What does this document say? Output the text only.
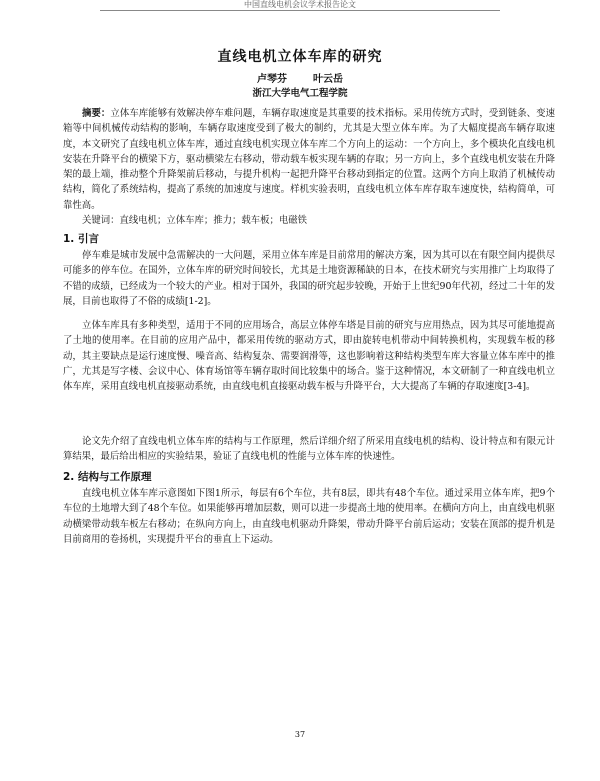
中国直线电机会议学术报告论文
直线电机立体车库的研究
卢琴芬	叶云岳
浙江大学电气工程学院
摘要：立体车库能够有效解决停车难问题，车辆存取速度是其重要的技术指标。采用传统方式时，受到链条、变速箱等中间机械传动结构的影响，车辆存取速度受到了极大的制约，尤其是大型立体车库。为了大幅度提高车辆存取速度，本文研究了直线电机立体车库，通过直线电机实现立体车库二个方向上的运动：一个方向上，多个模块化直线电机安装在升降平台的横梁下方，驱动横梁左右移动，带动载车板实现车辆的存取；另一方向上，多个直线电机安装在升降架的最上端，推动整个升降架前后移动，与提升机构一起把升降平台移动到指定的位置。这两个方向上取消了机械传动结构，简化了系统结构，提高了系统的加速度与速度。样机实验表明，直线电机立体车库存取车速度快，结构简单，可靠性高。
关键词：直线电机；立体车库；推力；载车板；电磁铁
1. 引言
停车难是城市发展中急需解决的一大问题，采用立体车库是目前常用的解决方案，因为其可以在有限空间内提供尽可能多的停车位。在国外，立体车库的研究时间较长，尤其是土地资源稀缺的日本，在技术研究与实用推广上均取得了不错的成绩，已经成为一个较大的产业。相对于国外，我国的研究起步较晚，开始于上世纪90年代初，经过二十年的发展，目前也取得了不俗的成绩[1-2]。
立体车库具有多种类型，适用于不同的应用场合，高层立体停车塔是目前的研究与应用热点，因为其尽可能地提高了土地的使用率。在目前的应用产品中，都采用传统的驱动方式，即由旋转电机带动中间转换机构，实现载车板的移动，其主要缺点是运行速度慢、噪音高、结构复杂、需要润滑等，这也影响着这种结构类型车库大容量立体车库中的推广，尤其是写字楼、会议中心、体育场馆等车辆存取时间比较集中的场合。鉴于这种情况，本文研制了一种直线电机立体车库，采用直线电机直接驱动系统，由直线电机直接驱动载车板与升降平台，大大提高了车辆的存取速度[3-4]。
论文先介绍了直线电机立体车库的结构与工作原理，然后详细介绍了所采用直线电机的结构、设计特点和有限元计算结果，最后给出相应的实验结果，验证了直线电机的性能与立体车库的快速性。
2. 结构与工作原理
直线电机立体车库示意图如下图1所示，每层有6个车位，共有8层，即共有48个车位。通过采用立体车库，把9个车位的土地增大到了48个车位。如果能够再增加层数，则可以进一步提高土地的使用率。在横向方向上，由直线电机驱动横梁带动载车板左右移动；在纵向方向上，由直线电机驱动升降架，带动升降平台前后运动；安装在顶部的提升机是目前商用的卷扬机，实现提升平台的垂直上下运动。
37
